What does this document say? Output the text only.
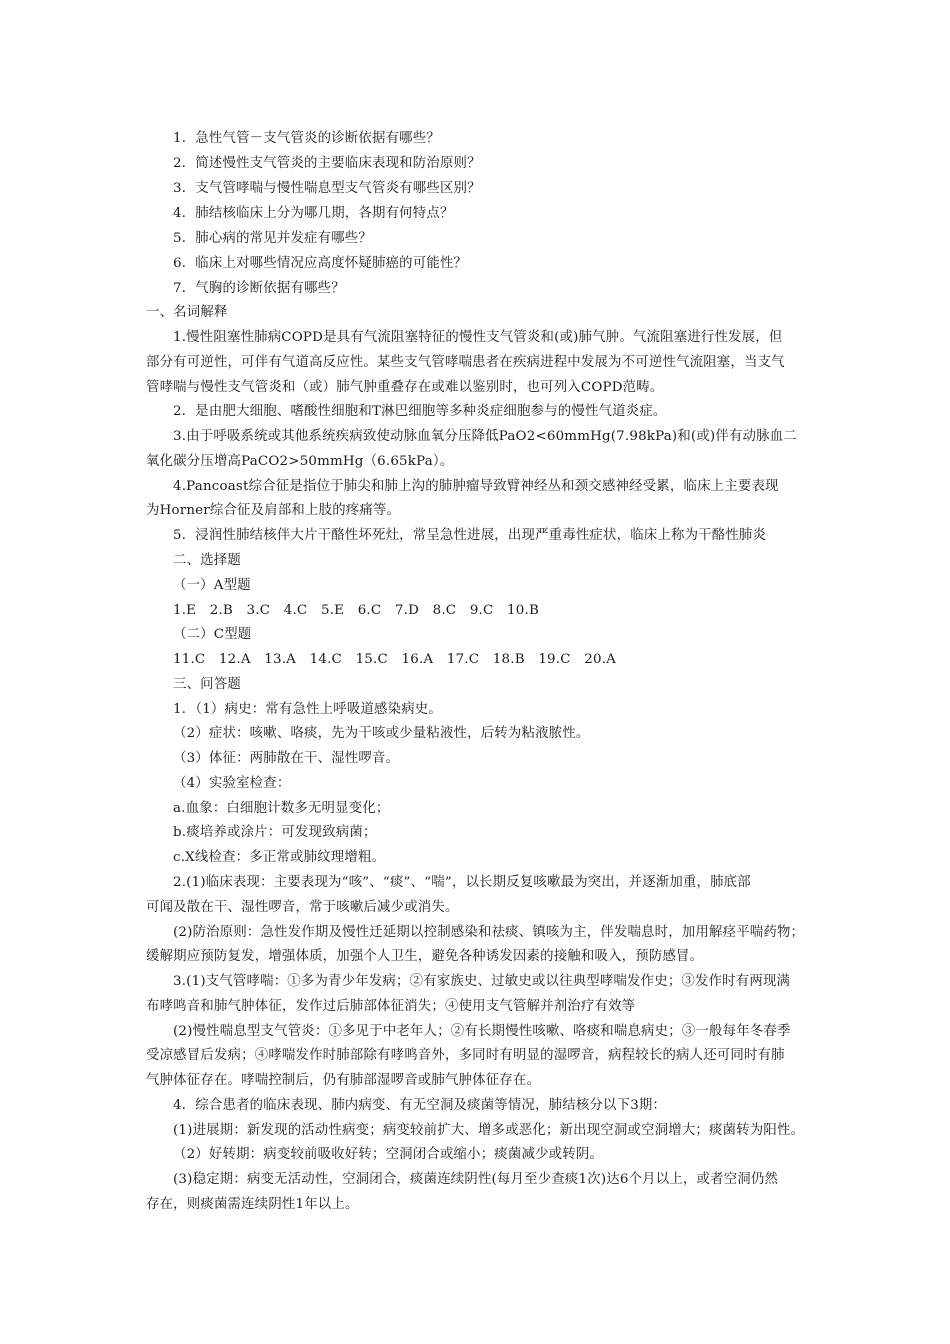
1．急性气管－支气管炎的诊断依据有哪些？
2．简述慢性支气管炎的主要临床表现和防治原则？
3．支气管哮喘与慢性喘息型支气管炎有哪些区别？
4．肺结核临床上分为哪几期，各期有何特点？
5．肺心病的常见并发症有哪些？
6．临床上对哪些情况应高度怀疑肺癌的可能性？
7．气胸的诊断依据有哪些？
一、名词解释
1.慢性阻塞性肺病COPD是具有气流阻塞特征的慢性支气管炎和(或)肺气肿。气流阻塞进行性发展，但
部分有可逆性，可伴有气道高反应性。某些支气管哮喘患者在疾病进程中发展为不可逆性气流阻塞，当支气
管哮喘与慢性支气管炎和（或）肺气肿重叠存在或难以鉴别时，也可列入COPD范畴。
2．是由肥大细胞、嗜酸性细胞和T淋巴细胞等多种炎症细胞参与的慢性气道炎症。
3.由于呼吸系统或其他系统疾病致使动脉血氧分压降低PaO2<60mmHg(7.98kPa)和(或)伴有动脉血二
氧化碳分压增高PaCO2>50mmHg（6.65kPa）。
4.Pancoast综合征是指位于肺尖和肺上沟的肺肿瘤导致臂神经丛和颈交感神经受累，临床上主要表现
为Horner综合征及肩部和上肢的疼痛等。
5．浸润性肺结核伴大片干酪性坏死灶，常呈急性进展，出现严重毒性症状，临床上称为干酪性肺炎
二、选择题
（一）A型题
1.E　2.B　3.C　4.C　5.E　6.C　7.D　8.C　9.C　10.B
（二）C型题
11.C　12.A　13.A　14.C　15.C　16.A　17.C　18.B　19.C　20.A
三、问答题
1．（1）病史：常有急性上呼吸道感染病史。
（2）症状：咳嗽、咯痰，先为干咳或少量粘液性，后转为粘液脓性。
（3）体征：两肺散在干、湿性啰音。
（4）实验室检查：
a.血象：白细胞计数多无明显变化；
b.痰培养或涂片：可发现致病菌；
c.X线检查：多正常或肺纹理增粗。
2.(1)临床表现：主要表现为“咳”、“痰”、“喘”，以长期反复咳嗽最为突出，并逐渐加重，肺底部
可闻及散在干、湿性啰音，常于咳嗽后减少或消失。
(2)防治原则：急性发作期及慢性迁延期以控制感染和祛痰、镇咳为主，伴发喘息时，加用解痉平喘药物；
缓解期应预防复发，增强体质，加强个人卫生，避免各种诱发因素的接触和吸入，预防感冒。
3.(1)支气管哮喘：①多为青少年发病；②有家族史、过敏史或以往典型哮喘发作史；③发作时有两现满
布哮鸣音和肺气肿体征，发作过后肺部体征消失；④使用支气管解并剂治疗有效等
(2)慢性喘息型支气管炎：①多见于中老年人；②有长期慢性咳嗽、咯痰和喘息病史；③一般每年冬春季
受凉感冒后发病；④哮喘发作时肺部除有哮鸣音外，多同时有明显的湿啰音，病程较长的病人还可同时有肺
气肿体征存在。哮喘控制后，仍有肺部湿啰音或肺气肿体征存在。
4．综合患者的临床表现、肺内病变、有无空洞及痰菌等情况，肺结核分以下3期：
(1)进展期：新发现的活动性病变；病变较前扩大、增多或恶化；新出现空洞或空洞增大；痰菌转为阳性。
（2）好转期：病变较前吸收好转；空洞闭合或缩小；痰菌减少或转阴。
(3)稳定期：病变无活动性，空洞闭合，痰菌连续阴性(每月至少查痰1次)达6个月以上，或者空洞仍然
存在，则痰菌需连续阴性1年以上。
